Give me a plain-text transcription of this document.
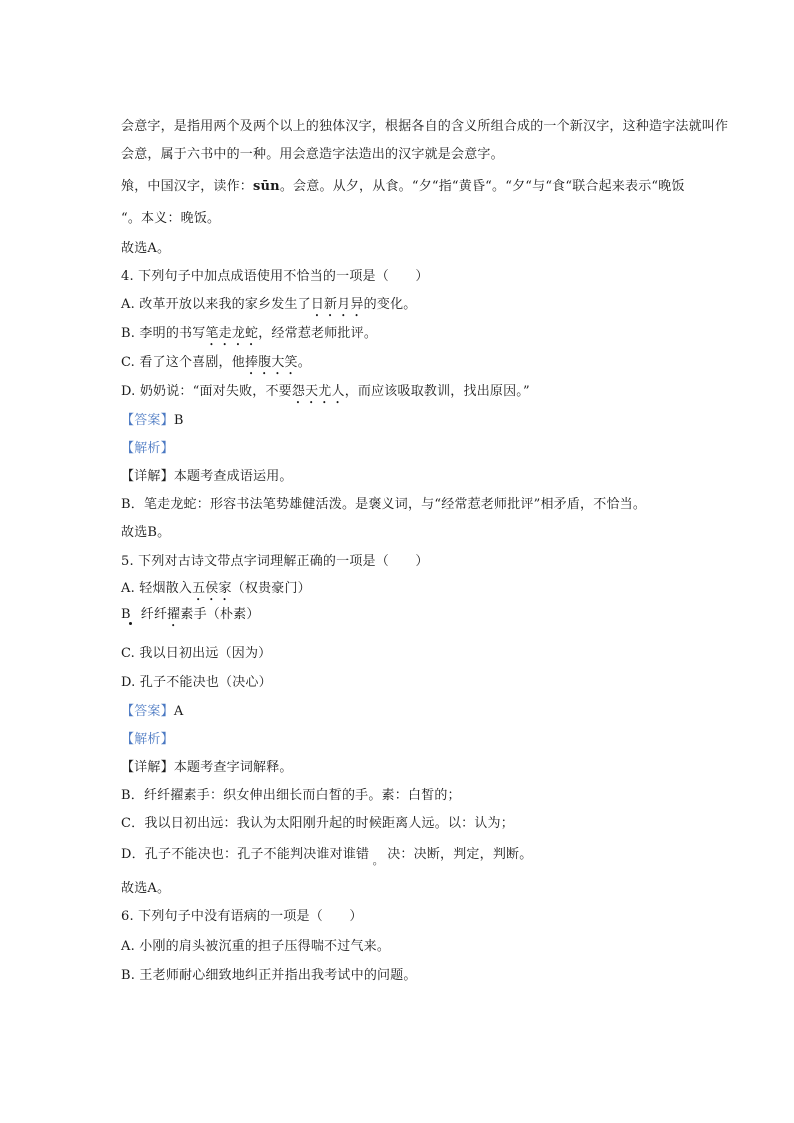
会意字，是指用两个及两个以上的独体汉字，根据各自的含义所组合成的一个新汉字，这种造字法就叫作
会意，属于六书中的一种。用会意造字法造出的汉字就是会意字。
飧，中国汉字，读作：sūn。会意。从夕，从食。“夕“指“黄昏“。“夕“与“食“联合起来表示“晚饭
“。本义：晚饭。
故选A。
4. 下列句子中加点成语使用不恰当的一项是（　　）
A. 改革开放以来我的家乡发生了日新月异的变化。
B. 李明的书写笔走龙蛇，经常惹老师批评。
C. 看了这个喜剧，他捧腹大笑。
D. 奶奶说：“面对失败，不要怨天尤人，而应该吸取教训，找出原因。”
【答案】B
【解析】
【详解】本题考查成语运用。
B．笔走龙蛇：形容书法笔势雄健活泼。是褒义词，与“经常惹老师批评”相矛盾，不恰当。
故选B。
5. 下列对古诗文带点字词理解正确的一项是（　　）
A. 轻烟散入五侯家（权贵豪门）
B 纤纤擢素手（朴素）
C. 我以日初出远（因为）
D. 孔子不能决也（决心）
【答案】A
【解析】
【详解】本题考查字词解释。
B．纤纤擢素手：织女伸出细长而白皙的手。素：白皙的；
C．我以日初出远：我认为太阳刚升起的时候距离人远。以：认为；
D．孔子不能决也：孔子不能判决谁对谁错 。 决：决断，判定，判断。
故选A。
6. 下列句子中没有语病的一项是（　　）
A. 小刚的肩头被沉重的担子压得喘不过气来。
B. 王老师耐心细致地纠正并指出我考试中的问题。
